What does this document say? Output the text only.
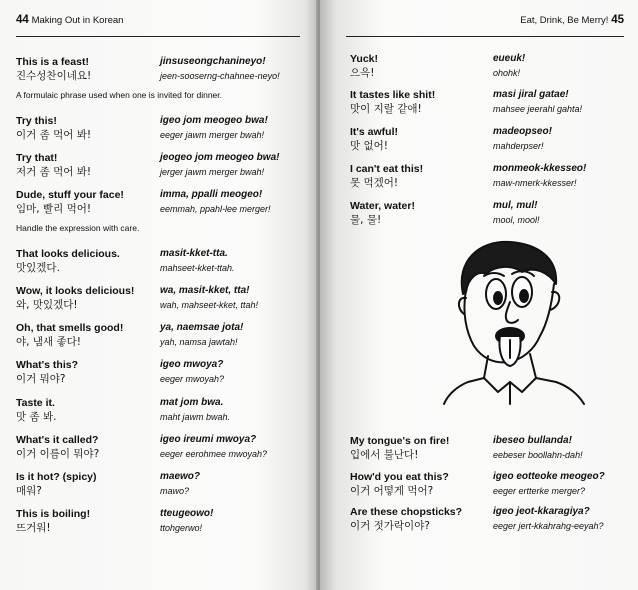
44 Making Out in Korean
This is a feast!
진수성찬이네요!
jinsuseongchanineyo!
jeen-sooserng-chahnee-neyo!
A formulaic phrase used when one is invited for dinner.
Try this!
이거 좀 먹어 봐!
igeo jom meogeo bwa!
eeger jawm merger bwah!
Try that!
저거 좀 먹어 봐!
jeogeo jom meogeo bwa!
jerger jawm merger bwah!
Dude, stuff your face!
임마, 빨리 먹어!
imma, ppalli meogeo!
eemmah, ppahl-lee merger!
Handle the expression with care.
That looks delicious.
맛있겠다.
masit-kket-tta.
mahseet-kket-ttah.
Wow, it looks delicious!
와, 맛있겠다!
wa, masit-kket, tta!
wah, mahseet-kket, ttah!
Oh, that smells good!
야, 냄새 좋다!
ya, naemsae jota!
yah, namsa jawtah!
What's this?
이거 뭐야?
igeo mwoya?
eeger mwoyah?
Taste it.
맛 좀 봐.
mat jom bwa.
maht jawm bwah.
What's it called?
이거 이름이 뭐야?
igeo ireumi mwoya?
eeger eerohmee mwoyah?
Is it hot? (spicy)
매워?
maewo?
mawo?
This is boiling!
뜨거워!
tteugeowo!
ttohgerwo!
Eat, Drink, Be Merry! 45
Yuck!
으윽!
eueuk!
ohohk!
It tastes like shit!
맛이 지랄 같애!
masi jiral gatae!
mahsee jeerahl gahta!
It's awful!
맛 없어!
madeopseo!
mahderpser!
I can't eat this!
못 먹겠어!
monmeok-kkesseo!
maw-nmerk-kkesser!
Water, water!
물, 물!
mul, mul!
mool, mool!
My tongue's on fire!
입에서 불난다!
ibeseo bullanda!
eebeser boollahn-dah!
How'd you eat this?
이거 어떻게 먹어?
igeo eotteoke meogeo?
eeger ertterke merger?
Are these chopsticks?
이거 젓가락이야?
igeo jeot-kkaragiya?
eeger jert-kkahrahg-eeyah?
